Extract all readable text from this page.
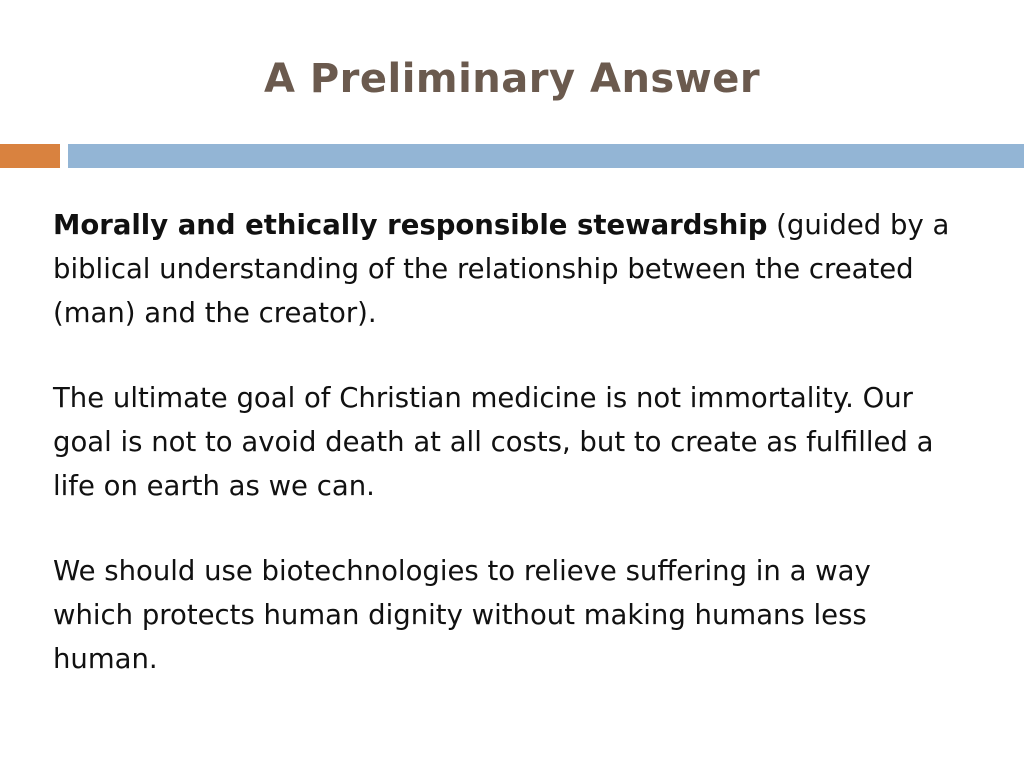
A Preliminary Answer

Morally and ethically responsible stewardship (guided by a biblical understanding of the relationship between the created (man) and the creator).

The ultimate goal of Christian medicine is not immortality. Our goal is not to avoid death at all costs, but to create as fulfilled a life on earth as we can.

We should use biotechnologies to relieve suffering in a way which protects human dignity without making humans less human.
